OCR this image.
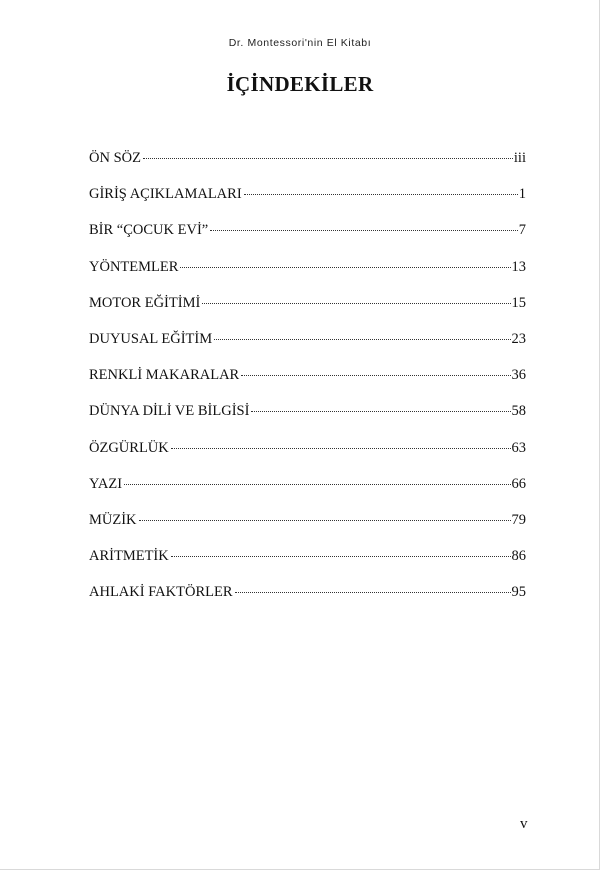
Dr. Montessori'nin El Kitabı
İÇİNDEKİLER
ÖN SÖZ	iii
GİRİŞ AÇIKLAMALARI	1
BİR “ÇOCUK EVİ”	7
YÖNTEMLER	13
MOTOR EĞİTİMİ	15
DUYUSAL EĞİTİM	23
RENKLİ MAKARALAR	36
DÜNYA DİLİ VE BİLGİSİ	58
ÖZGÜRLÜK	63
YAZI	66
MÜZİK	79
ARİTMETİK	86
AHLAKİ FAKTÖRLER	95
v
